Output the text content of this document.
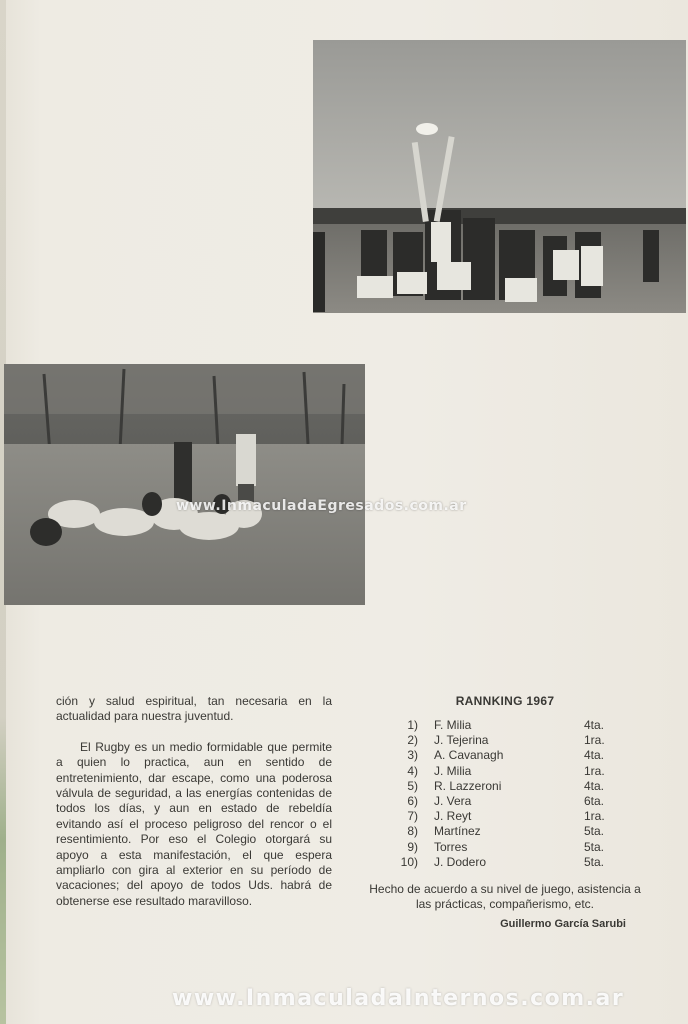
www.InmaculadaEgresados.com.ar

ción y salud espiritual, tan necesaria en la actualidad para nuestra juventud.

El Rugby es un medio formidable que permite a quien lo practica, aun en sentido de entretenimiento, dar escape, como una poderosa válvula de seguridad, a las energías contenidas de todos los días, y aun en estado de rebeldía evitando así el proceso peligroso del rencor o el resentimiento. Por eso el Colegio otorgará su apoyo a esta manifestación, el que espera ampliarlo con gira al exterior en su período de vacaciones; del apoyo de todos Uds. habrá de obtenerse ese resultado maravilloso.

RANNKING 1967
1) F. Milia	4ta.
2) J. Tejerina	1ra.
3) A. Cavanagh	4ta.
4) J. Milia	1ra.
5) R. Lazzeroni	4ta.
6) J. Vera	6ta.
7) J. Reyt	1ra.
8) Martínez	5ta.
9) Torres	5ta.
10) J. Dodero	5ta.
Hecho de acuerdo a su nivel de juego, asistencia a las prácticas, compañerismo, etc.
Guillermo García Sarubi
www.InmaculadaInternos.com.ar
